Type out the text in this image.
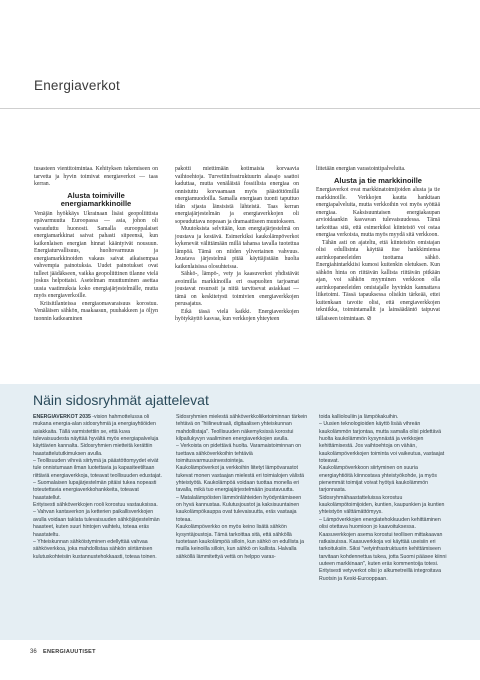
Energiaverkot

tusasteen vientitoimintaa. Kehityksen tukemiseen on tarvetta ja hyvin toimivat energiaverkot — taas kerran.

Alusta toimiville energiamarkkinoille

Venäjän hyökkäys Ukrainaan lisäsi geopoliittista epävarmuutta Euroopassa — asia, johon oli varauduttu huonosti. Samalla eurooppalaiset energiamarkkinat saivat pahasti siipeensä, kun kaikenlaisen energian hinnat kääntyivät nousuun. Energiaturvallisuus, huoltovarmuus ja energiamarkkinoiden vakaus saivat aikaisempaa vahvempia painotuksia. Uudet painotukset ovat tulleet jäädäkseen, vaikka geopoliittinen tilanne vielä joskus helpottaisi. Asetelman muuttuminen asettaa uusia vaatimuksia koko energiajärjestelmälle, mutta myös energiaverkoille.

Kriisitilanteissa energiaomavaraisuus korostuu. Venäläisen sähkön, maakaasun, puuhakkeen ja öljyn tuonnin katkeaminen

pakotti miettimään kotimaisia korvaavia vaihtoehtoja. Turvetiinfrastruktuurin alasajo saattoi kaduttaa, mutta venäläistä fossiilista energiaa on onnistuttu korvaamaan myös päästöttömillä energiamuodoilla. Samalla energiaan tuonti taputtuo idän sijasta länsisistä lähteistä. Taas kerran energiajärjestelmän ja energiaverkkojen oli sopeuduttava nopeaan ja dramaattiseen muutokseen.

Muutoksista selvitään, kun energiajärjestelmä on joustava ja kestävä. Esimerkiksi kaukolämpöverkot kykenevät välittämään millä tahansa tavalla tuotettua lämpöä. Tämä on niiden ylivertainen vahvuus. Joustava järjestelmä pitää käyttäjistään huolta kaikenlaisissa olosuhteissa.

Sähkö-, lämpö-, vety ja kaasuverkot yhdistävät avoimilla markkinoilla eri osapuolten tarjoamat joustavat resurssit ja niitä tarvitsevat asiakkaat — tämä on keskitetysti toimivien energiaverkkojen perusajatus.

Eikä tässä vielä kaikki. Energiaverkkojen hyötykäyttö kasvaa, kun verkkojen yhteyteen

liitetään energian varastointipalveluita.

Alusta ja tie markkinoille

Energiaverkot ovat markkinatoimijoiden alusta ja tie markkinoille. Verkkojen kautta hankitaan energiapalveluita, mutta verkkoihin voi myös syöttää energiaa. Kaksisuuntaisen energiakaupan arvioidaankin kasvavan tulevaisuudessa. Tämä tarkoittaa sitä, että esimerkiksi kiinteistö voi ostaa energiaa verkoista, mutta myös myydä sitä verkkoon.

Tähän asti on ajateltu, että kiinteistön omistajan olisi edullisinta käyttää itse hankkimiensa aurinkopaneeleiden tuottama sähkö. Energiahintarkkiisi kumosi kuitenkin oletuksen. Kun sähkön hinta on riittävän kallista riittävän pitkään ajan, voi sähkön myyminen verkkoon olla aurinkopaneeleiden omistajalle hyvinkin kannattava liiketoimi. Tässä tapauksessa olisikin tärkeää, ettei kuitenkaan tavoite olisi, että energiaverkkojen tekniikka, toimintamallit ja lainsäädäntö taipuvat tällaiseen toimintaan. ⊘

Näin sidosryhmät ajattelevat

ENERGIAVERKOT 2035 -vision hahmottelussa oli mukana energia-alan sidosryhmiä ja energiayhtiöiden asiakkaita. Tällä varmistettiin se, että kuva tulevaisuudesta näyttää hyvältä myös energiapalveluja käyttävien kannalta. Sidosryhmien mietteitä kerättiin haastattelututkimuksen avulla.

– Teollisuuden vihreä siirtymä ja päästöttomyydet eivät tule onnistumaan ilman luotettavia ja kapasiteetiltaan riittäviä energiaverkkoja, toteavat teollisuuden edustajat.

– Suomalaisen lupajärjestelmän pitäisi tukea nopeasti toteutettavia energiaverkkohankkeita, toteavat haastatellut.

Erityisesti sähköverkkojen rooli korostuu vastauksissa.

– Vahvan kantaverkon ja ketterien paikallisverkkojen avulla voidaan taklata tulevaisuuden sähköjärjestelmän haasteet, kuten suuri hintojen vaihtelu, toteaa eräs haastateltu.

– Yhteiskunnan sähköistyminen edellyttää vahvaa sähköverkkoa, joka mahdollistaa sähkön siirtämisen kulutuskohteisiin kustannustehokkaasti, toteaa toinen.

Sidosryhmien mielestä sähköverkkoliiketoiminnan tärkein tehtävä on "hiilineutraali, digitaalisen yhteiskunnan mahdollistaja". Teollisuuden näkemyksissä korostui kilpailukyvyn vaaliminen energiaverkkojen avulla.

– Verkoista on pidettävä huolta. Varamaistoiminnan on tuettava sähköverkkoihin tehtäviä toimitusvarmuusinvestointeja.

Kaukolämpöverkot ja verkkoihin liitetyt lämpövarastot tukevat monen vastaajan mielestä eri toimialojen välistä yhteistyötä. Kaukolämpöä voidaan tuottaa monella eri tavalla, mikä tuo energiajärjestelmään joustavuutta.

– Matalalämpöisten lämmönlähteiden hyödyntämiseen on hyvä kannustaa. Kulutusjoustot ja kaksisuuntainen kaukolämpökauppa ovat tulevaisuutta, eräs vastaaja toteaa.

Kaukolämpöverkko on myös keino lisätä sähkön kysyntäjoustoja. Tämä tarkoittaa sitä, että sähköllä tuotetaan kaukolämpöä silloin, kun sähkö on edullista ja muilla keinoilla silloin, kun sähkö on kallista. Halvalla sähköllä lämmitettyä vettä on helppo varas-

toida kalliolouliin ja lämpökakuihin.

– Uusien teknologioiden käyttö lisää vihreän kaukolämmön tarjontaa, mutta samalla olisi pidettävä huolta kaukolämmön kysynnästä ja verkkojen kehittämisestä. Jos vaihtoehtoja on vähän, kaukolämpöverkkojen toiminta voi vaikeutua, vastaajat toteavat.

Kaukolämpöverkkoon siirtyminen on suuria energiayhtiöitä kiinnostava yhteistyökohde, ja myös pienemmät toimijat voivat hyötyä kaukolämmön tarjonnasta.

Sidosryhmähaastatteluissa korostuu kaukolämpötoimijoiden, kuntien, kaupunkien ja kuntien yhteistyön välttämättömyys.

– Lämpöverkkojen energiatehokkuuden kehittäminen olisi otettava huomioon jo kaavoituksessa.

Kaasuverkkojen asema korostui teollisen mittakaavan ratkaisuissa. Kaasuverkkoja voi käyttää useisiin eri tarkoituksiin. Siksi "vetyinfrastruktuurin kehittämiseen tarvitaan kohdennettua tukea, jotta Suomi pääsee kiinni uuteen markkinaan", kuten eräs kommentoija totesi. Erityisesti vetyverkot olisi jo alkumetreillä integroitava Ruotsin ja Keski-Eurooppaan.

36 ENERGIAUUTISET
